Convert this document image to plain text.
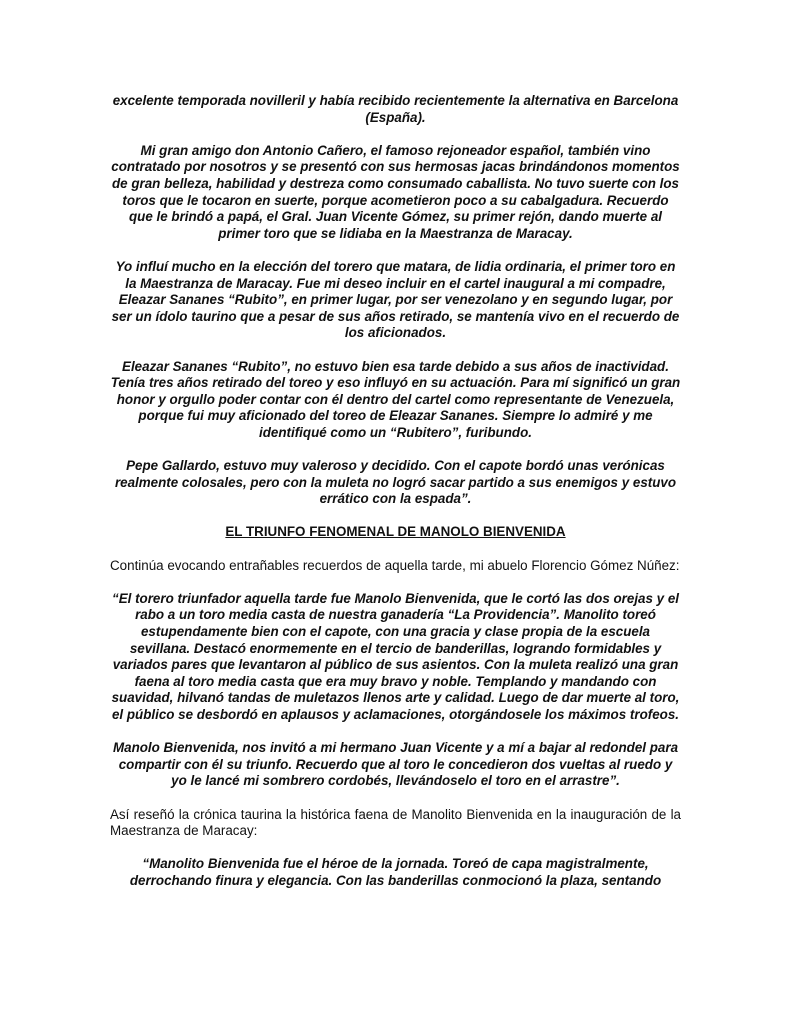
excelente temporada novilleril y había recibido recientemente la alternativa en Barcelona (España).

Mi gran amigo don Antonio Cañero, el famoso rejoneador español, también vino contratado por nosotros y se presentó con sus hermosas jacas brindándonos momentos de gran belleza, habilidad y destreza como consumado caballista. No tuvo suerte con los toros que le tocaron en suerte, porque acometieron poco a su cabalgadura. Recuerdo que le brindó a papá, el Gral. Juan Vicente Gómez, su primer rejón, dando muerte al primer toro que se lidiaba en la Maestranza de Maracay.

Yo influí mucho en la elección del torero que matara, de lidia ordinaria, el primer toro en la Maestranza de Maracay. Fue mi deseo incluir en el cartel inaugural a mi compadre, Eleazar Sananes “Rubito”, en primer lugar, por ser venezolano y en segundo lugar, por ser un ídolo taurino que a pesar de sus años retirado, se mantenía vivo en el recuerdo de los aficionados.

Eleazar Sananes “Rubito”, no estuvo bien esa tarde debido a sus años de inactividad. Tenía tres años retirado del toreo y eso influyó en su actuación. Para mí significó un gran honor y orgullo poder contar con él dentro del cartel como representante de Venezuela, porque fui muy aficionado del toreo de Eleazar Sananes. Siempre lo admiré y me identifiqué como un “Rubitero”, furibundo.

Pepe Gallardo, estuvo muy valeroso y decidido. Con el capote bordó unas verónicas realmente colosales, pero con la muleta no logró sacar partido a sus enemigos y estuvo errático con la espada”.

EL TRIUNFO FENOMENAL DE MANOLO BIENVENIDA

Continúa evocando entrañables recuerdos de aquella tarde, mi abuelo Florencio Gómez Núñez:

“El torero triunfador aquella tarde fue Manolo Bienvenida, que le cortó las dos orejas y el rabo a un toro media casta de nuestra ganadería “La Providencia”. Manolito toreó estupendamente bien con el capote, con una gracia y clase propia de la escuela sevillana. Destacó enormemente en el tercio de banderillas, logrando formidables y variados pares que levantaron al público de sus asientos. Con la muleta realizó una gran faena al toro media casta que era muy bravo y noble. Templando y mandando con suavidad, hilvanó tandas de muletazos llenos arte y calidad. Luego de dar muerte al toro, el público se desbordó en aplausos y aclamaciones, otorgándosele los máximos trofeos.

Manolo Bienvenida, nos invitó a mi hermano Juan Vicente y a mí a bajar al redondel para compartir con él su triunfo. Recuerdo que al toro le concedieron dos vueltas al ruedo y yo le lancé mi sombrero cordobés, llevándoselo el toro en el arrastre”.

Así reseñó la crónica taurina la histórica faena de Manolito Bienvenida en la inauguración de la Maestranza de Maracay:

“Manolito Bienvenida fue el héroe de la jornada. Toreó de capa magistralmente, derrochando finura y elegancia. Con las banderillas conmocionó la plaza, sentando
